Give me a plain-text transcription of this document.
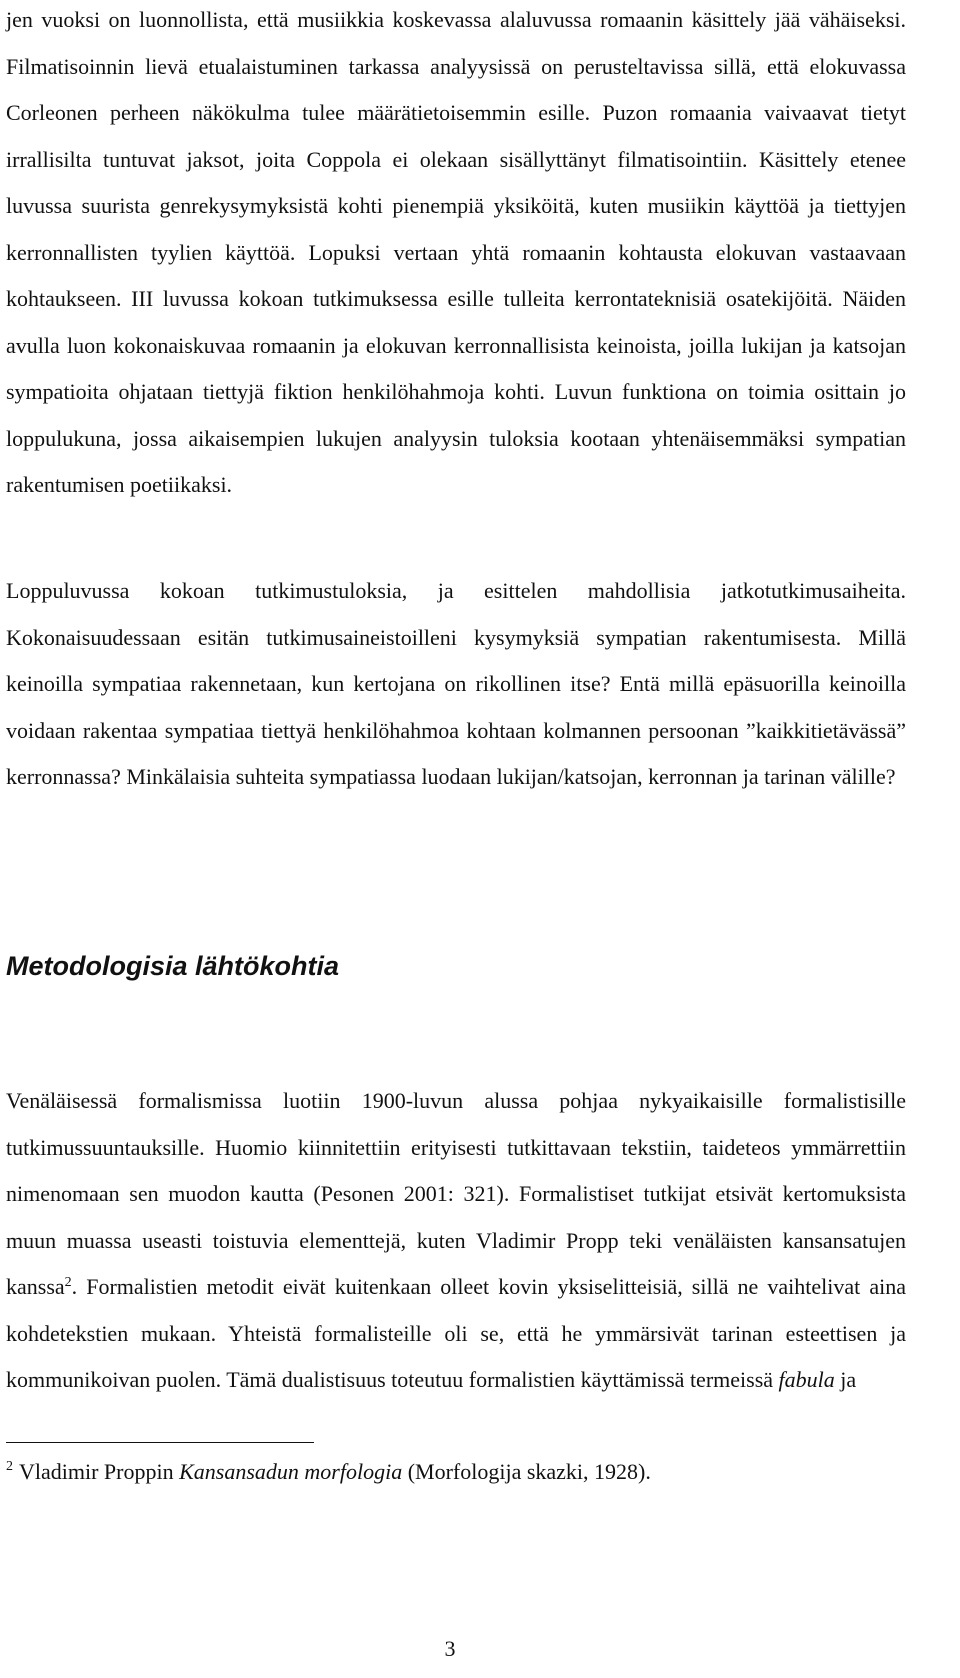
jen vuoksi on luonnollista, että musiikkia koskevassa alaluvussa romaanin käsittely jää vähäiseksi. Filmatisoinnin lievä etualaistuminen tarkassa analyysissä on perusteltavissa sillä, että elokuvassa Corleonen perheen näkökulma tulee määrätietoisemmin esille. Puzon romaania vaivaavat tietyt irrallisilta tuntuvat jaksot, joita Coppola ei olekaan sisällyttänyt filmatisointiin. Käsittely etenee luvussa suurista genrekysymyksistä kohti pienempiä yksiköitä, kuten musiikin käyttöä ja tiettyjen kerronnallisten tyylien käyttöä. Lopuksi vertaan yhtä romaanin kohtausta elokuvan vastaavaan kohtaukseen. III luvussa kokoan tutkimuksessa esille tulleita kerrontateknisiä osatekijöitä. Näiden avulla luon kokonaiskuvaa romaanin ja elokuvan kerronnallisista keinoista, joilla lukijan ja katsojan sympatioita ohjataan tiettyjä fiktion henkilöhahmoja kohti. Luvun funktiona on toimia osittain jo loppulukuna, jossa aikaisempien lukujen analyysin tuloksia kootaan yhtenäisemmäksi sympatian rakentumisen poetiikaksi.

Loppuluvussa kokoan tutkimustuloksia, ja esittelen mahdollisia jatkotutkimusaiheita. Kokonaisuudessaan esitän tutkimusaineistoilleni kysymyksiä sympatian rakentumisesta. Millä keinoilla sympatiaa rakennetaan, kun kertojana on rikollinen itse? Entä millä epäsuorilla keinoilla voidaan rakentaa sympatiaa tiettyä henkilöhahmoa kohtaan kolmannen persoonan ”kaikkitietävässä” kerronnassa? Minkälaisia suhteita sympatiassa luodaan lukijan/katsojan, kerronnan ja tarinan välille?

Metodologisia lähtökohtia

Venäläisessä formalismissa luotiin 1900-luvun alussa pohjaa nykyaikaisille formalistisille tutkimussuuntauksille. Huomio kiinnitettiin erityisesti tutkittavaan tekstiin, taideteos ymmärrettiin nimenomaan sen muodon kautta (Pesonen 2001: 321). Formalistiset tutkijat etsivät kertomuksista muun muassa useasti toistuvia elementtejä, kuten Vladimir Propp teki venäläisten kansansatujen kanssa$^2$. Formalistien metodit eivät kuitenkaan olleet kovin yksiselitteisiä, sillä ne vaihtelivat aina kohdetekstien mukaan. Yhteistä formalisteille oli se, että he ymmärsivät tarinan esteettisen ja kommunikoivan puolen. Tämä dualistisuus toteutuu formalistien käyttämissä termeissä fabula ja

$^2$ Vladimir Proppin Kansansadun morfologia (Morfologija skazki, 1928).

3
